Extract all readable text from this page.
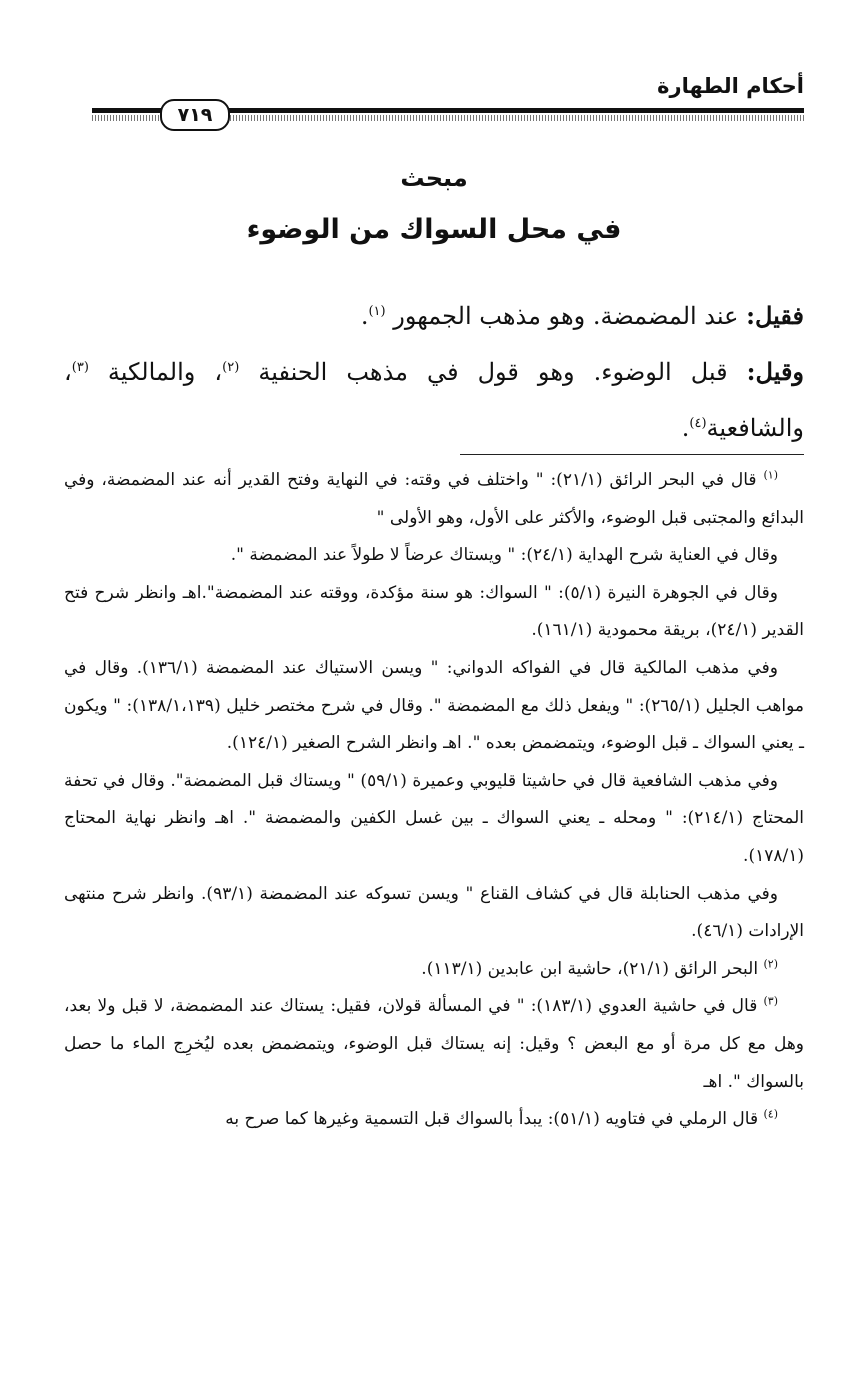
أحكام الطهارة
٧١٩
مبحث
في محل السواك من الوضوء

فقيل: عند المضمضة. وهو مذهب الجمهور $^{(١)}$.

وقيل: قبل الوضوء. وهو قول في مذهب الحنفية $^{(٢)}$، والمالكية $^{(٣)}$، والشافعية$^{(٤)}$.

$^{(١)}$ قال في البحر الرائق (٢١/١): " واختلف في وقته: في النهاية وفتح القدير أنه عند المضمضة، وفي البدائع والمجتبى قبل الوضوء، والأكثر على الأول، وهو الأولى "

وقال في العناية شرح الهداية (٢٤/١): " ويستاك عرضاً لا طولاً عند المضمضة ".

وقال في الجوهرة النيرة (٥/١): " السواك: هو سنة مؤكدة، ووقته عند المضمضة".اهـ وانظر شرح فتح القدير (٢٤/١)، بريقة محمودية (١٦١/١).

وفي مذهب المالكية قال في الفواكه الدواني: " ويسن الاستياك عند المضمضة (١٣٦/١). وقال في مواهب الجليل (٢٦٥/١): " ويفعل ذلك مع المضمضة ". وقال في شرح مختصر خليل (١٣٨/١،١٣٩): " ويكون ـ يعني السواك ـ قبل الوضوء، ويتمضمض بعده ". اهـ وانظر الشرح الصغير (١٢٤/١).

وفي مذهب الشافعية قال في حاشيتا قليوبي وعميرة (٥٩/١) " ويستاك قبل المضمضة". وقال في تحفة المحتاج (٢١٤/١): " ومحله ـ يعني السواك ـ بين غسل الكفين والمضمضة ". اهـ وانظر نهاية المحتاج (١٧٨/١).

وفي مذهب الحنابلة قال في كشاف القناع " ويسن تسوكه عند المضمضة (٩٣/١). وانظر شرح منتهى الإرادات (٤٦/١).

$^{(٢)}$ البحر الرائق (٢١/١)، حاشية ابن عابدين (١١٣/١).

$^{(٣)}$ قال في حاشية العدوي (١٨٣/١): " في المسألة قولان، فقيل: يستاك عند المضمضة، لا قبل ولا بعد، وهل مع كل مرة أو مع البعض ؟ وقيل: إنه يستاك قبل الوضوء، ويتمضمض بعده ليُخرِج الماء ما حصل بالسواك ". اهـ

$^{(٤)}$ قال الرملي في فتاويه (٥١/١): يبدأ بالسواك قبل التسمية وغيرها كما صرح به
